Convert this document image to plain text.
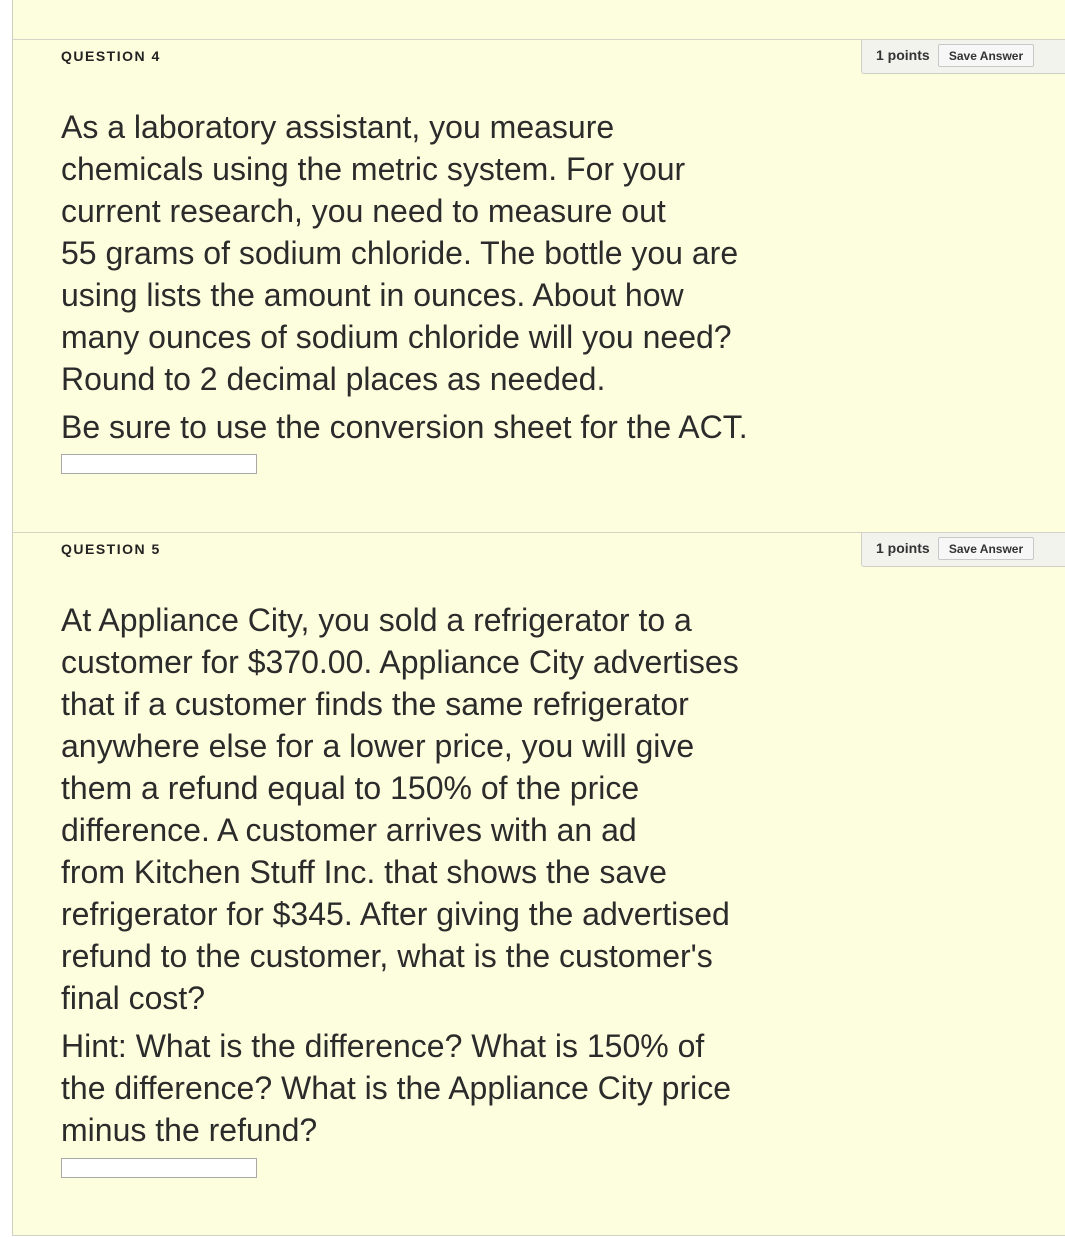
QUESTION 4	1 points	Save Answer

As a laboratory assistant, you measure

chemicals using the metric system. For your

current research, you need to measure out

55 grams of sodium chloride. The bottle you are

using lists the amount in ounces. About how

many ounces of sodium chloride will you need?

Round to 2 decimal places as needed.

Be sure to use the conversion sheet for the ACT.

QUESTION 5	1 points	Save Answer

At Appliance City, you sold a refrigerator to a

customer for $370.00. Appliance City advertises

that if a customer finds the same refrigerator

anywhere else for a lower price, you will give

them a refund equal to 150% of the price

difference. A customer arrives with an ad

from Kitchen Stuff Inc. that shows the save

refrigerator for $345. After giving the advertised

refund to the customer, what is the customer's

final cost?

Hint: What is the difference? What is 150% of

the difference? What is the Appliance City price

minus the refund?
